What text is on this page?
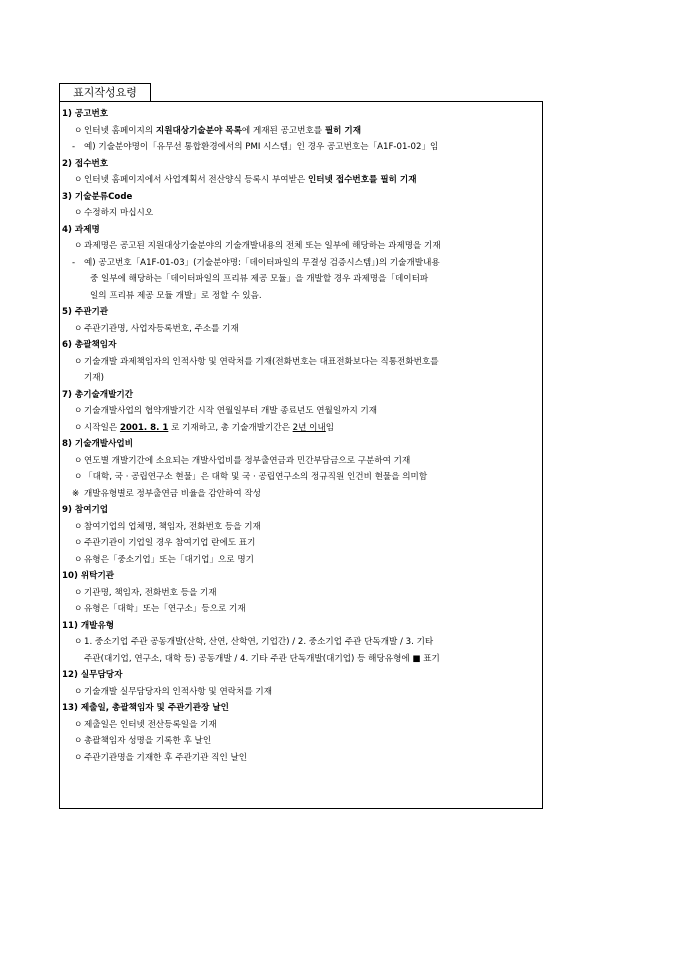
표지작성요령
1) 공고번호
ㅇ 인터넷 홈페이지의 지원대상기술분야 목록에 게재된 공고번호를 필히 기재
- 예) 기술분야명이「유무선 통합환경에서의 PMI 시스템」인 경우 공고번호는「A1F-01-02」임
2) 접수번호
ㅇ 인터넷 홈페이지에서 사업계획서 전산양식 등록시 부여받은 인터넷 접수번호를 필히 기재
3) 기술분류Code
ㅇ 수정하지 마십시오
4) 과제명
ㅇ 과제명은 공고된 지원대상기술분야의 기술개발내용의 전체 또는 일부에 해당하는 과제명을 기재
- 예) 공고번호「A1F-01-03」(기술분야명:「데이터파일의 무결성 검증시스템」)의 기술개발내용
중 일부에 해당하는「데이터파일의 프리뷰 제공 모듈」을 개발할 경우 과제명을「데이터파
일의 프리뷰 제공 모듈 개발」로 정할 수 있음.
5) 주관기관
ㅇ 주관기관명, 사업자등록번호, 주소를 기재
6) 총괄책임자
ㅇ 기술개발 과제책임자의 인적사항 및 연락처를 기재(전화번호는 대표전화보다는 직통전화번호를
기재)
7) 총기술개발기간
ㅇ 기술개발사업의 협약개발기간 시작 연월일부터 개발 종료년도 연월일까지 기재
ㅇ 시작일은 2001. 8. 1 로 기재하고, 총 기술개발기간은 2년 이내임
8) 기술개발사업비
ㅇ 연도별 개발기간에 소요되는 개발사업비를 정부출연금과 민간부담금으로 구분하여 기재
ㅇ 「대학, 국 · 공립연구소 현물」은 대학 및 국 · 공립연구소의 정규직원 인건비 현물을 의미함
※ 개발유형별로 정부출연금 비율을 감안하여 작성
9) 참여기업
ㅇ 참여기업의 업체명, 책임자, 전화번호 등을 기재
ㅇ 주관기관이 기업일 경우 참여기업 란에도 표기
ㅇ 유형은「중소기업」또는「대기업」으로 명기
10) 위탁기관
ㅇ 기관명, 책임자, 전화번호 등을 기재
ㅇ 유형은「대학」또는「연구소」등으로 기재
11) 개발유형
ㅇ 1. 중소기업 주관 공동개발(산학, 산연, 산학연, 기업간) / 2. 중소기업 주관 단독개발 / 3. 기타
주관(대기업, 연구소, 대학 등) 공동개발 / 4. 기타 주관 단독개발(대기업) 등 해당유형에 ■ 표기
12) 실무담당자
ㅇ 기술개발 실무담당자의 인적사항 및 연락처를 기재
13) 제출일, 총괄책임자 및 주관기관장 날인
ㅇ 제출일은 인터넷 전산등록일을 기재
ㅇ 총괄책임자 성명을 기록한 후 날인
ㅇ 주관기관명을 기재한 후 주관기관 직인 날인
